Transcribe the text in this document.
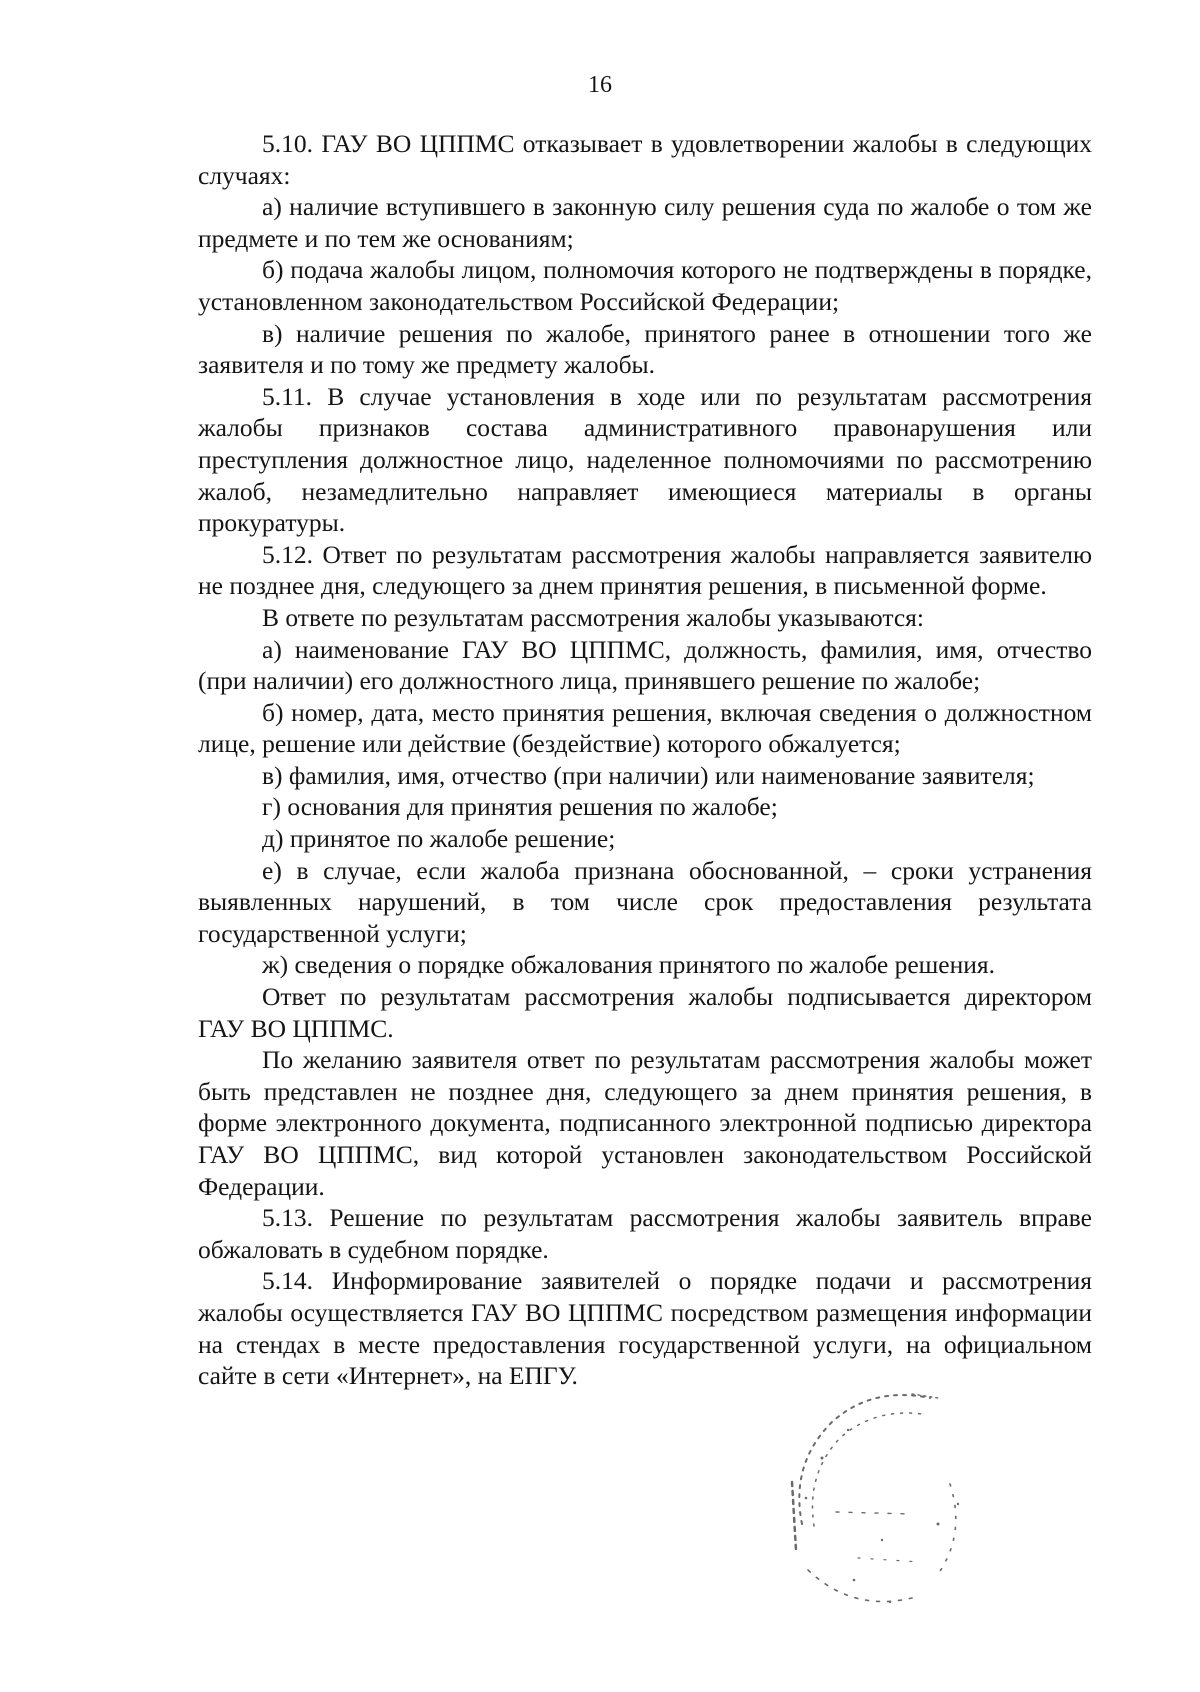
16

5.10. ГАУ ВО ЦППМС отказывает в удовлетворении жалобы в следующих случаях:

а) наличие вступившего в законную силу решения суда по жалобе о том же предмете и по тем же основаниям;

б) подача жалобы лицом, полномочия которого не подтверждены в порядке, установленном законодательством Российской Федерации;

в) наличие решения по жалобе, принятого ранее в отношении того же заявителя и по тому же предмету жалобы.

5.11. В случае установления в ходе или по результатам рассмотрения жалобы признаков состава административного правонарушения или преступления должностное лицо, наделенное полномочиями по рассмотрению жалоб, незамедлительно направляет имеющиеся материалы в органы прокуратуры.

5.12. Ответ по результатам рассмотрения жалобы направляется заявителю не позднее дня, следующего за днем принятия решения, в письменной форме.

В ответе по результатам рассмотрения жалобы указываются:

а) наименование ГАУ ВО ЦППМС, должность, фамилия, имя, отчество (при наличии) его должностного лица, принявшего решение по жалобе;

б) номер, дата, место принятия решения, включая сведения о должностном лице, решение или действие (бездействие) которого обжалуется;

в) фамилия, имя, отчество (при наличии) или наименование заявителя;

г) основания для принятия решения по жалобе;

д) принятое по жалобе решение;

е) в случае, если жалоба признана обоснованной, – сроки устранения выявленных нарушений, в том числе срок предоставления результата государственной услуги;

ж) сведения о порядке обжалования принятого по жалобе решения.

Ответ по результатам рассмотрения жалобы подписывается директором ГАУ ВО ЦППМС.

По желанию заявителя ответ по результатам рассмотрения жалобы может быть представлен не позднее дня, следующего за днем принятия решения, в форме электронного документа, подписанного электронной подписью директора ГАУ ВО ЦППМС, вид которой установлен законодательством Российской Федерации.

5.13. Решение по результатам рассмотрения жалобы заявитель вправе обжаловать в судебном порядке.

5.14. Информирование заявителей о порядке подачи и рассмотрения жалобы осуществляется ГАУ ВО ЦППМС посредством размещения информации на стендах в месте предоставления государственной услуги, на официальном сайте в сети «Интернет», на ЕПГУ.
